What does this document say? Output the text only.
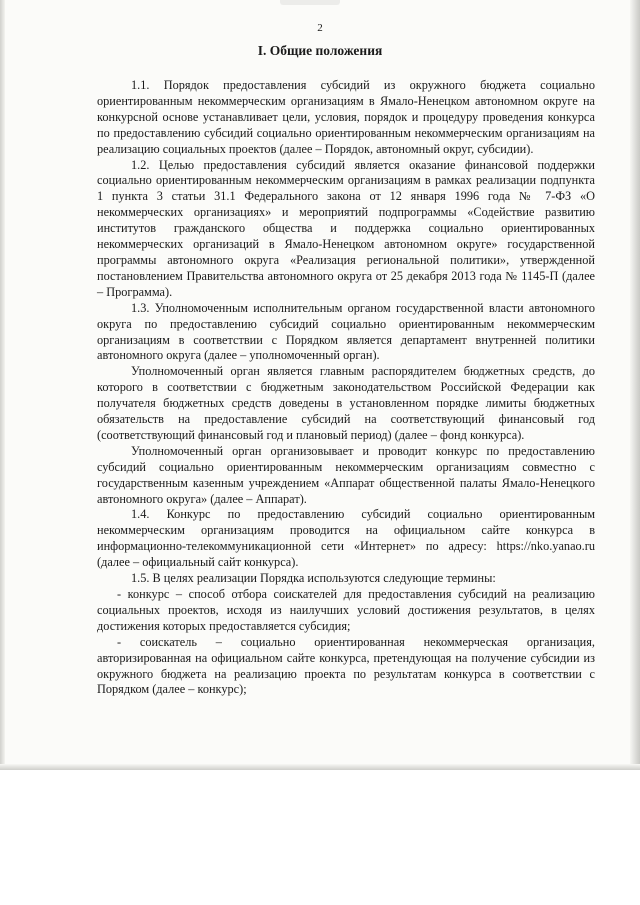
2
I. Общие положения

1.1. Порядок предоставления субсидий из окружного бюджета социально ориентированным некоммерческим организациям в Ямало-Ненецком автономном округе на конкурсной основе устанавливает цели, условия, порядок и процедуру проведения конкурса по предоставлению субсидий социально ориентированным некоммерческим организациям на реализацию социальных проектов (далее – Порядок, автономный округ, субсидии).

1.2. Целью предоставления субсидий является оказание финансовой поддержки социально ориентированным некоммерческим организациям в рамках реализации подпункта 1 пункта 3 статьи 31.1 Федерального закона от 12 января 1996 года № 7-ФЗ «О некоммерческих организациях» и мероприятий подпрограммы «Содействие развитию институтов гражданского общества и поддержка социально ориентированных некоммерческих организаций в Ямало-Ненецком автономном округе» государственной программы автономного округа «Реализация региональной политики», утвержденной постановлением Правительства автономного округа от 25 декабря 2013 года № 1145-П (далее – Программа).

1.3. Уполномоченным исполнительным органом государственной власти автономного округа по предоставлению субсидий социально ориентированным некоммерческим организациям в соответствии с Порядком является департамент внутренней политики автономного округа (далее – уполномоченный орган).

Уполномоченный орган является главным распорядителем бюджетных средств, до которого в соответствии с бюджетным законодательством Российской Федерации как получателя бюджетных средств доведены в установленном порядке лимиты бюджетных обязательств на предоставление субсидий на соответствующий финансовый год (соответствующий финансовый год и плановый период) (далее – фонд конкурса).

Уполномоченный орган организовывает и проводит конкурс по предоставлению субсидий социально ориентированным некоммерческим организациям совместно с государственным казенным учреждением «Аппарат общественной палаты Ямало-Ненецкого автономного округа» (далее – Аппарат).

1.4. Конкурс по предоставлению субсидий социально ориентированным некоммерческим организациям проводится на официальном сайте конкурса в информационно-телекоммуникационной сети «Интернет» по адресу: https://nko.yanao.ru (далее – официальный сайт конкурса).

1.5. В целях реализации Порядка используются следующие термины:

- конкурс – способ отбора соискателей для предоставления субсидий на реализацию социальных проектов, исходя из наилучших условий достижения результатов, в целях достижения которых предоставляется субсидия;

- соискатель – социально ориентированная некоммерческая организация, авторизированная на официальном сайте конкурса, претендующая на получение субсидии из окружного бюджета на реализацию проекта по результатам конкурса в соответствии с Порядком (далее – конкурс);
